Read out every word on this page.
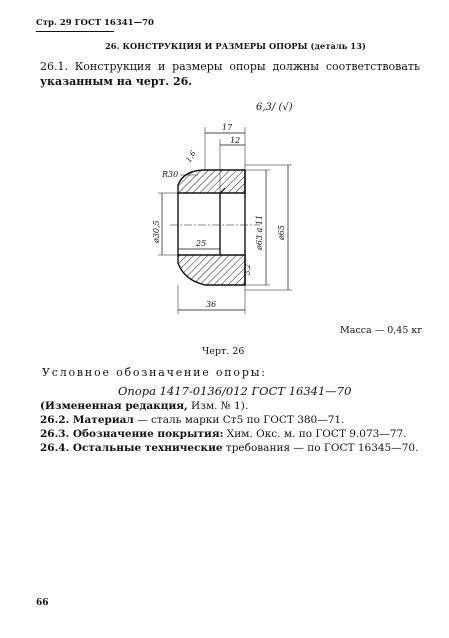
Стр. 29 ГОСТ 16341—70
26. КОНСТРУКЦИЯ И РАЗМЕРЫ ОПОРЫ (деталь 13)
26.1. Конструкция и размеры опоры должны соответствовать
указанным на черт. 26.
6,3/ (√)
17
12
1,6
R30
ø30,5
25	ø63 a 11 ø65
3,2
36
Масса — 0,45 кг
Черт. 26
Условное обозначение опоры:
Опора 1417-0136/012 ГОСТ 16341—70
(Измененная редакция, Изм. № 1).
26.2. Материал — сталь марки Ст5 по ГОСТ 380—71.
26.3. Обозначение покрытия: Хим. Окс. м. по ГОСТ 9.073—77.
26.4. Остальные технические требования — по ГОСТ 16345—70.
66
